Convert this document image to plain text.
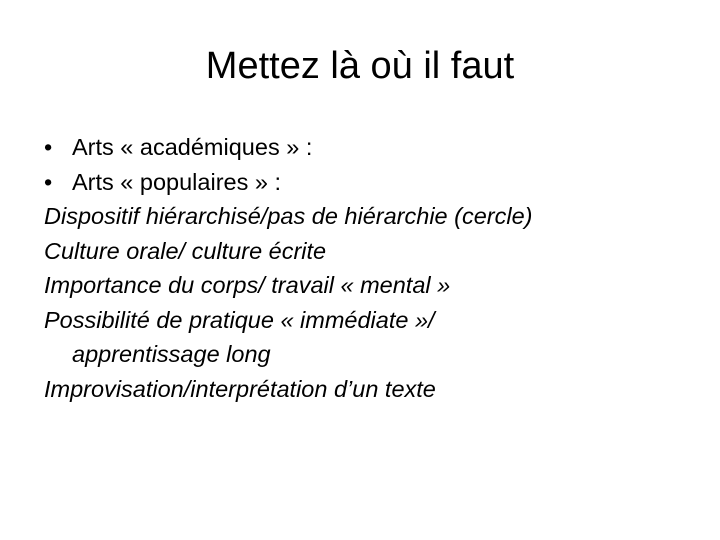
Mettez là où il faut
• Arts « académiques » :
• Arts « populaires » :
Dispositif hiérarchisé/pas de hiérarchie (cercle)
Culture orale/ culture écrite
Importance du corps/ travail « mental »
Possibilité de pratique « immédiate »/
apprentissage long
Improvisation/interprétation d’un texte
